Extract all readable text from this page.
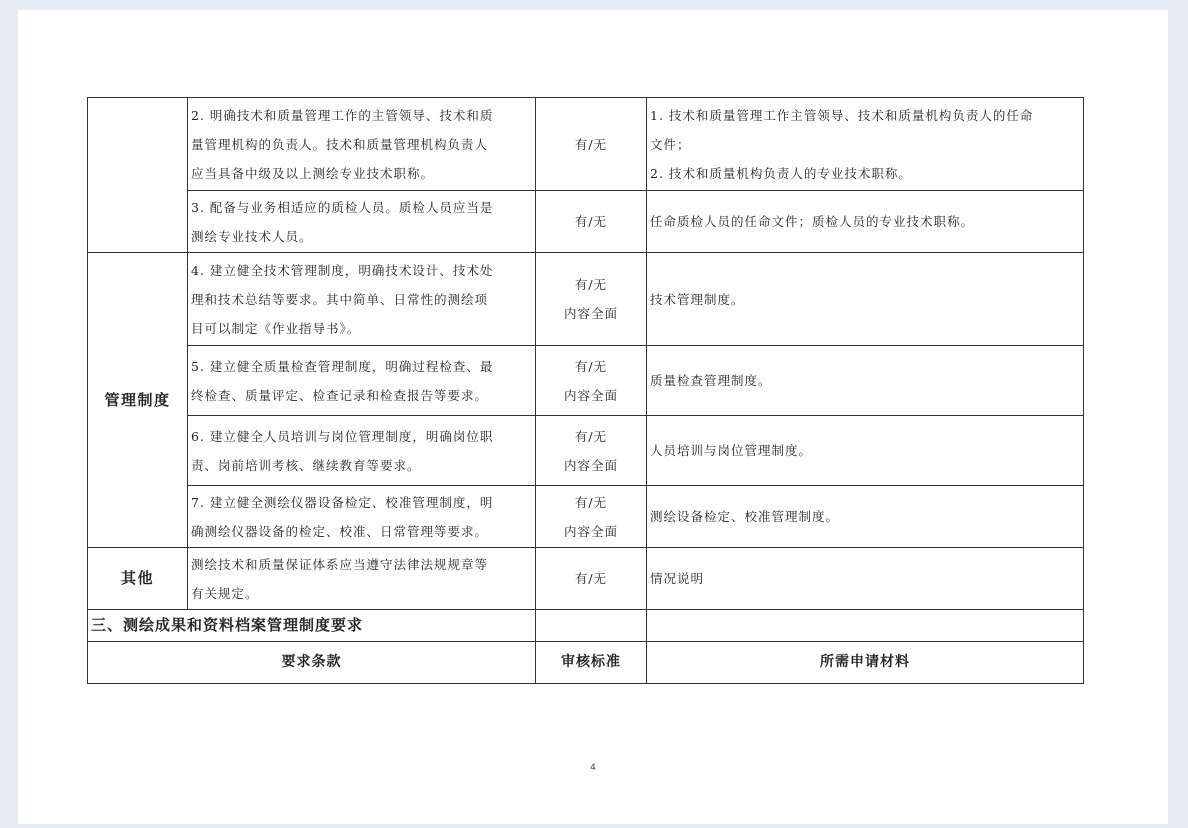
	2. 明确技术和质量管理工作的主管领导、技术和质
量管理机构的负责人。技术和质量管理机构负责人
应当具备中级及以上测绘专业技术职称。	有/无	1. 技术和质量管理工作主管领导、技术和质量机构负责人的任命
文件；
2. 技术和质量机构负责人的专业技术职称。

	3. 配备与业务相适应的质检人员。质检人员应当是
测绘专业技术人员。	有/无	任命质检人员的任命文件；质检人员的专业技术职称。
管理制度	4. 建立健全技术管理制度，明确技术设计、技术处
理和技术总结等要求。其中简单、日常性的测绘项
目可以制定《作业指导书》。	有/无
内容全面	技术管理制度。

	5. 建立健全质量检查管理制度，明确过程检查、最
终检查、质量评定、检查记录和检查报告等要求。	有/无
内容全面	质量检查管理制度。

	6. 建立健全人员培训与岗位管理制度，明确岗位职
责、岗前培训考核、继续教育等要求。	有/无
内容全面	人员培训与岗位管理制度。

	7. 建立健全测绘仪器设备检定、校准管理制度，明
确测绘仪器设备的检定、校准、日常管理等要求。	有/无
内容全面	测绘设备检定、校准管理制度。
其他	测绘技术和质量保证体系应当遵守法律法规规章等
有关规定。	有/无	情况说明
三、测绘成果和资料档案管理制度要求			
要求条款		审核标准	所需申请材料
4
